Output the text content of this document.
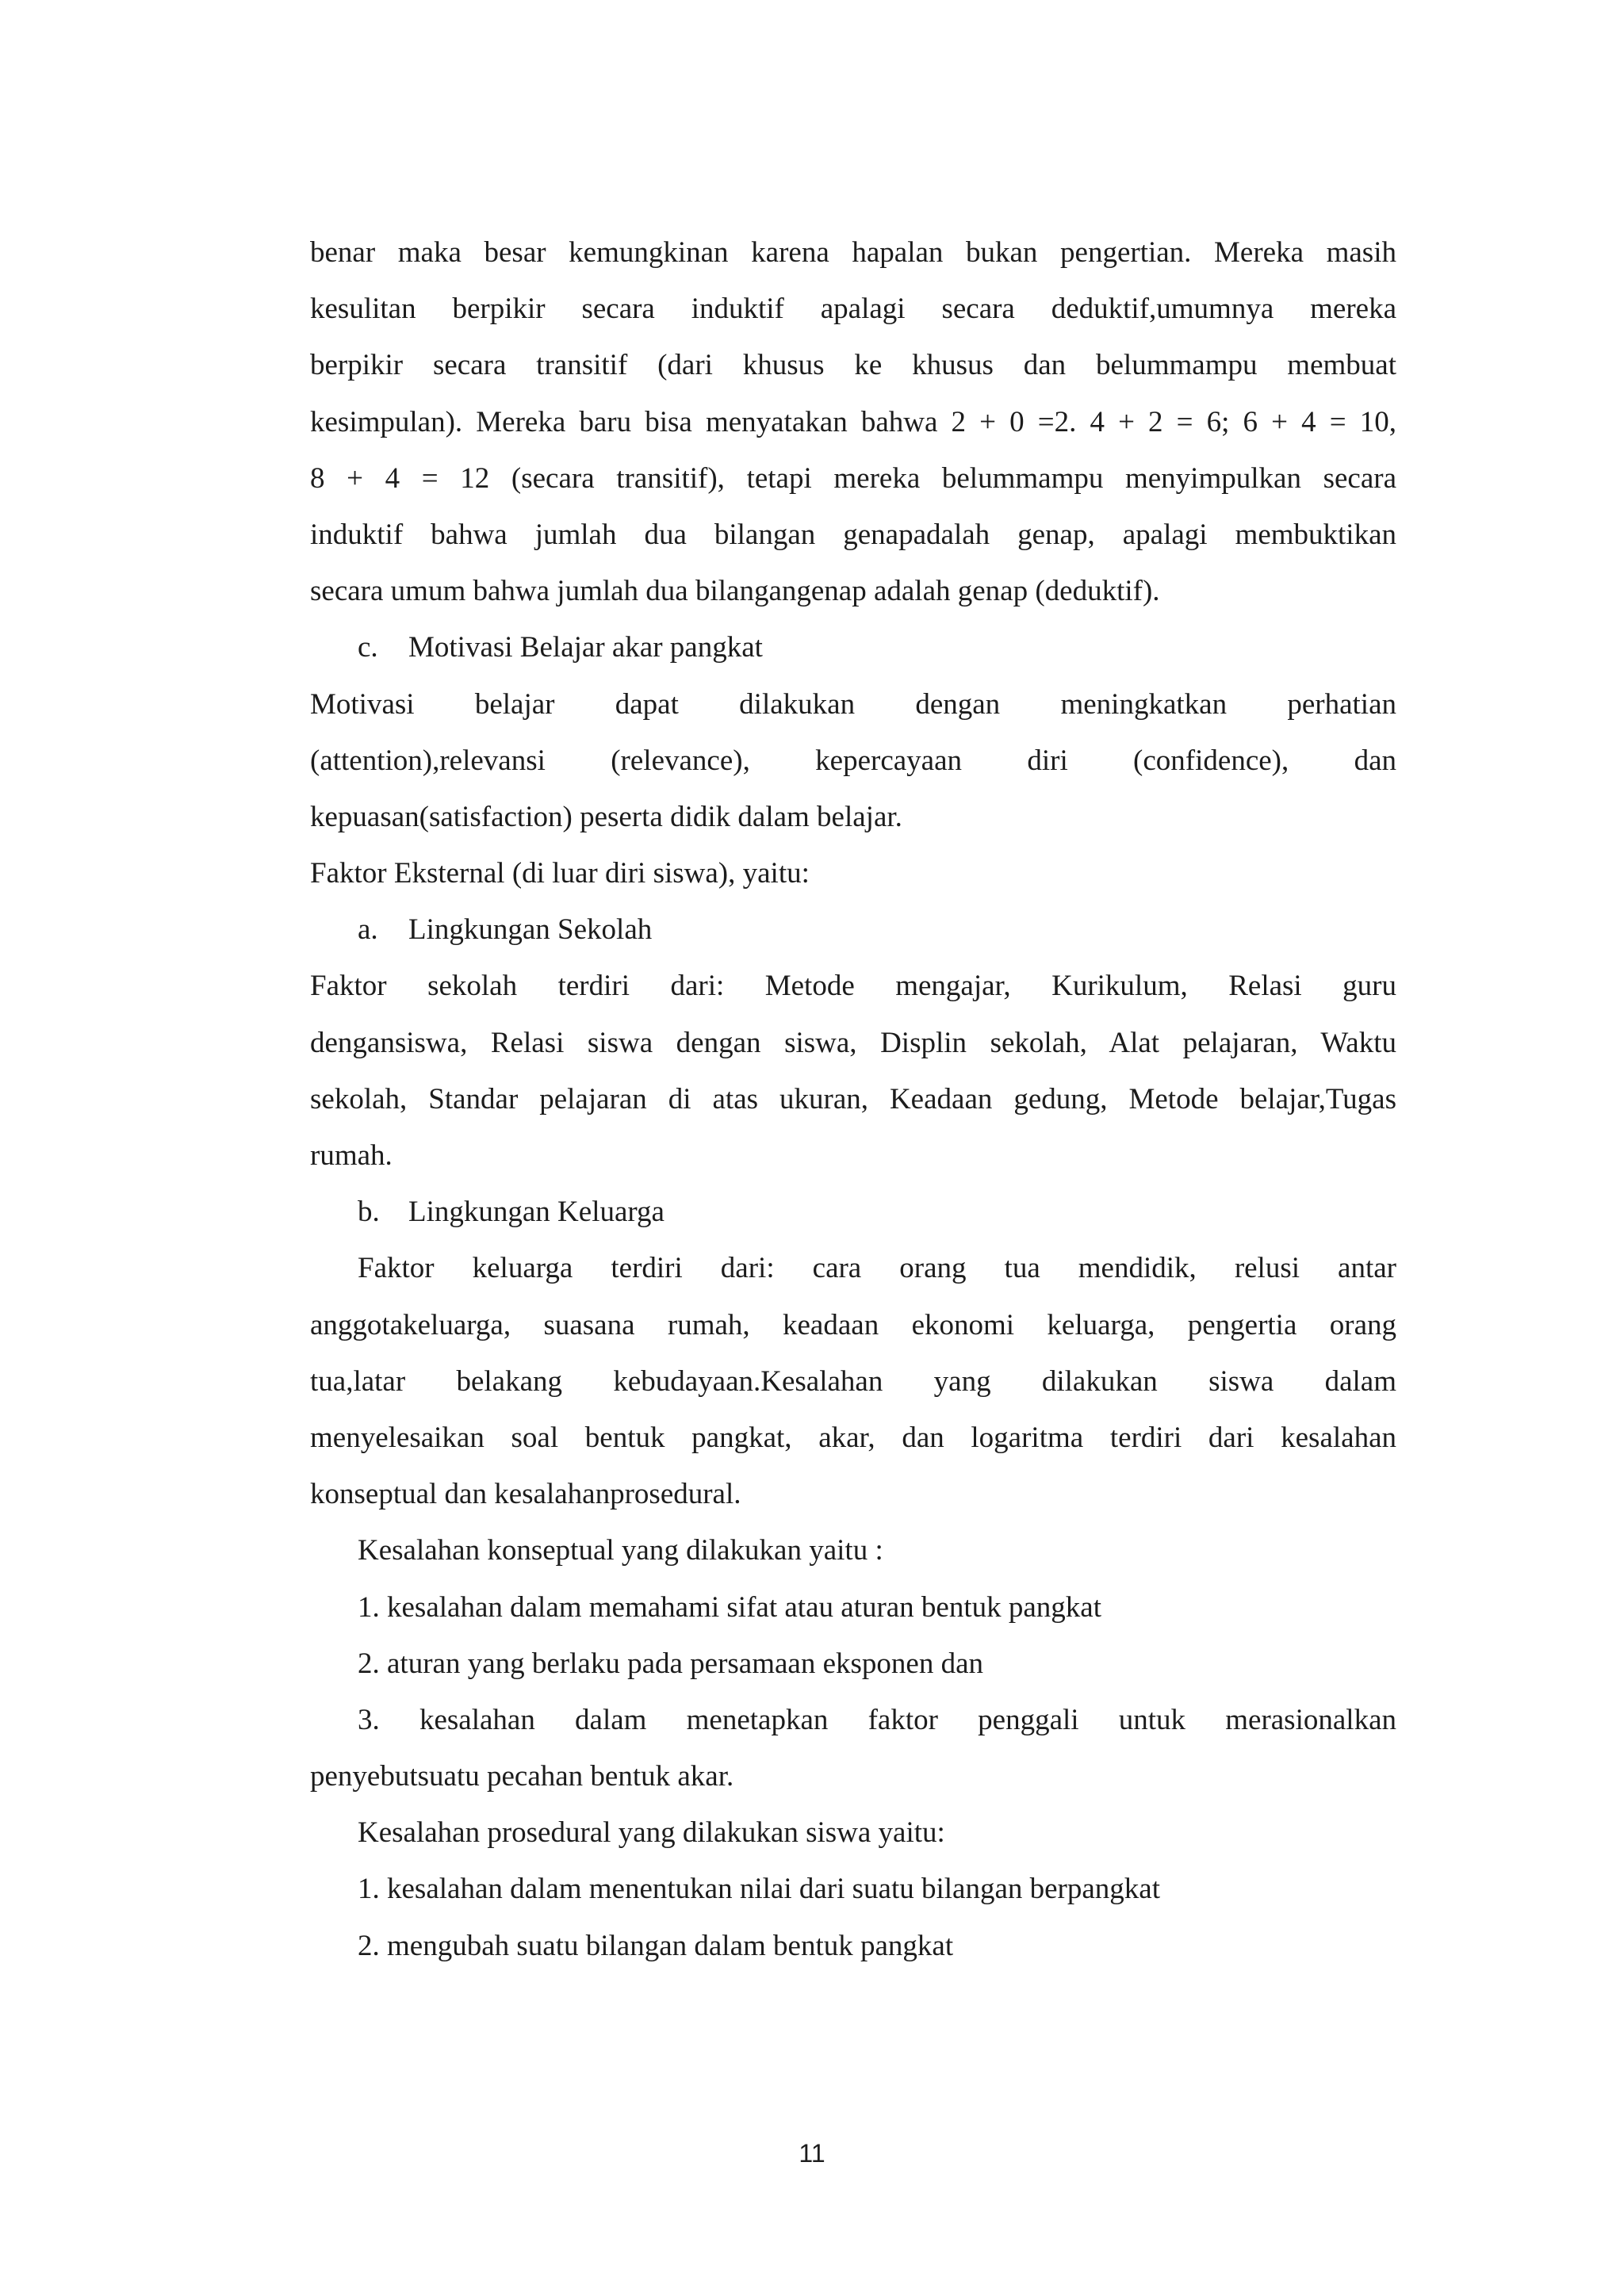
benar maka besar kemungkinan karena hapalan bukan pengertian. Mereka masih
kesulitan berpikir secara induktif apalagi secara deduktif,umumnya mereka
berpikir secara transitif (dari khusus ke khusus dan belummampu membuat
kesimpulan). Mereka baru bisa menyatakan bahwa 2 + 0 =2. 4 + 2 = 6; 6 + 4 = 10,
8 + 4 = 12 (secara transitif), tetapi mereka belummampu menyimpulkan secara
induktif bahwa jumlah dua bilangan genapadalah genap, apalagi membuktikan
secara umum bahwa jumlah dua bilangangenap adalah genap (deduktif).
c. Motivasi Belajar akar pangkat
Motivasi belajar dapat dilakukan dengan meningkatkan perhatian
(attention),relevansi (relevance), kepercayaan diri (confidence), dan
kepuasan(satisfaction) peserta didik dalam belajar.
Faktor Eksternal (di luar diri siswa), yaitu:
a. Lingkungan Sekolah
Faktor sekolah terdiri dari: Metode mengajar, Kurikulum, Relasi guru
dengansiswa, Relasi siswa dengan siswa, Displin sekolah, Alat pelajaran, Waktu
sekolah, Standar pelajaran di atas ukuran, Keadaan gedung, Metode belajar,Tugas
rumah.
b. Lingkungan Keluarga
Faktor keluarga terdiri dari: cara orang tua mendidik, relusi antar
anggotakeluarga, suasana rumah, keadaan ekonomi keluarga, pengertia orang
tua,latar belakang kebudayaan.Kesalahan yang dilakukan siswa dalam
menyelesaikan soal bentuk pangkat, akar, dan logaritma terdiri dari kesalahan
konseptual dan kesalahanprosedural.
Kesalahan konseptual yang dilakukan yaitu :
1. kesalahan dalam memahami sifat atau aturan bentuk pangkat
2. aturan yang berlaku pada persamaan eksponen dan
3. kesalahan dalam menetapkan faktor penggali untuk merasionalkan
penyebutsuatu pecahan bentuk akar.
Kesalahan prosedural yang dilakukan siswa yaitu:
1. kesalahan dalam menentukan nilai dari suatu bilangan berpangkat
2. mengubah suatu bilangan dalam bentuk pangkat
11
